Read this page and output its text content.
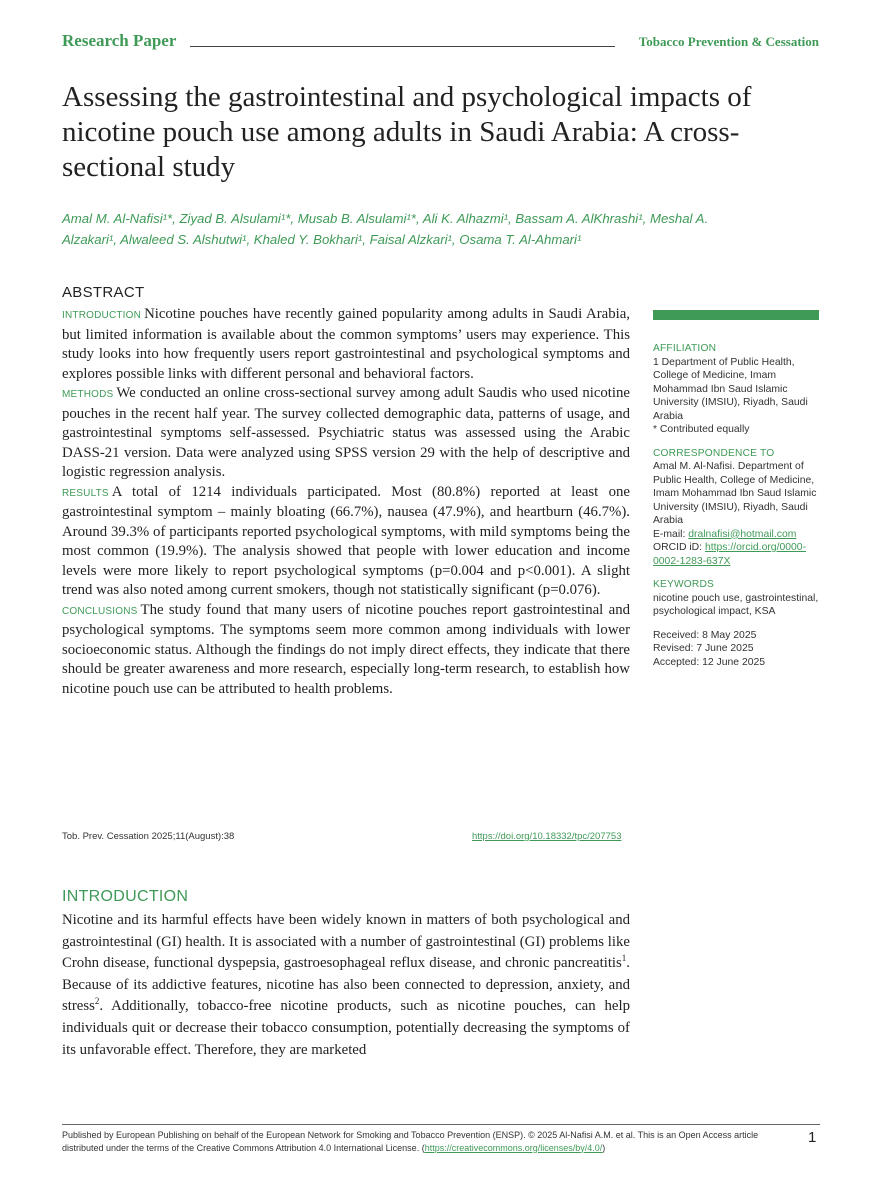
Research Paper	Tobacco Prevention & Cessation
Assessing the gastrointestinal and psychological impacts of nicotine pouch use among adults in Saudi Arabia: A cross-sectional study

Amal M. Al-Nafisi¹*, Ziyad B. Alsulami¹*, Musab B. Alsulami¹*, Ali K. Alhazmi¹, Bassam A. AlKhrashi¹, Meshal A.
Alzakari¹, Alwaleed S. Alshutwi¹, Khaled Y. Bokhari¹, Faisal Alzkari¹, Osama T. Al-Ahmari¹

ABSTRACT

INTRODUCTION Nicotine pouches have recently gained popularity among adults in Saudi Arabia, but limited information is available about the common symptoms’ users may experience. This study looks into how frequently users report gastrointestinal and psychological symptoms and explores possible links with different personal and behavioral factors.

METHODS We conducted an online cross-sectional survey among adult Saudis who used nicotine pouches in the recent half year. The survey collected demographic data, patterns of usage, and gastrointestinal symptoms self-assessed. Psychiatric status was assessed using the Arabic DASS-21 version. Data were analyzed using SPSS version 29 with the help of descriptive and logistic regression analysis.

RESULTS A total of 1214 individuals participated. Most (80.8%) reported at least one gastrointestinal symptom – mainly bloating (66.7%), nausea (47.9%), and heartburn (46.7%). Around 39.3% of participants reported psychological symptoms, with mild symptoms being the most common (19.9%). The analysis showed that people with lower education and income levels were more likely to report psychological symptoms (p=0.004 and p<0.001). A slight trend was also noted among current smokers, though not statistically significant (p=0.076).

CONCLUSIONS The study found that many users of nicotine pouches report gastrointestinal and psychological symptoms. The symptoms seem more common among individuals with lower socioeconomic status. Although the findings do not imply direct effects, they indicate that there should be greater awareness and more research, especially long-term research, to establish how nicotine pouch use can be attributed to health problems.

AFFILIATION

1 Department of Public Health, College of Medicine, Imam Mohammad Ibn Saud Islamic University (IMSIU), Riyadh, Saudi Arabia

* Contributed equally

CORRESPONDENCE TO

Amal M. Al-Nafisi. Department of Public Health, College of Medicine, Imam Mohammad Ibn Saud Islamic University (IMSIU), Riyadh, Saudi Arabia

E-mail: dralnafisi@hotmail.com

ORCID iD: https://orcid.org/0000-0002-1283-637X

KEYWORDS

nicotine pouch use, gastrointestinal, psychological impact, KSA

Received: 8 May 2025

Revised: 7 June 2025

Accepted: 12 June 2025

Tob. Prev. Cessation 2025;11(August):38	https://doi.org/10.18332/tpc/207753
INTRODUCTION

Nicotine and its harmful effects have been widely known in matters of both psychological and gastrointestinal (GI) health. It is associated with a number of gastrointestinal (GI) problems like Crohn disease, functional dyspepsia, gastroesophageal reflux disease, and chronic pancreatitis$^1$. Because of its addictive features, nicotine has also been connected to depression, anxiety, and stress$^2$. Additionally, tobacco-free nicotine products, such as nicotine pouches, can help individuals quit or decrease their tobacco consumption, potentially decreasing the symptoms of its unfavorable effect. Therefore, they are marketed

Published by European Publishing on behalf of the European Network for Smoking and Tobacco Prevention (ENSP). © 2025 Al-Nafisi A.M. et al. This is an Open Access article distributed under the terms of the Creative Commons Attribution 4.0 International License. (https://creativecommons.org/licenses/by/4.0/)

1
